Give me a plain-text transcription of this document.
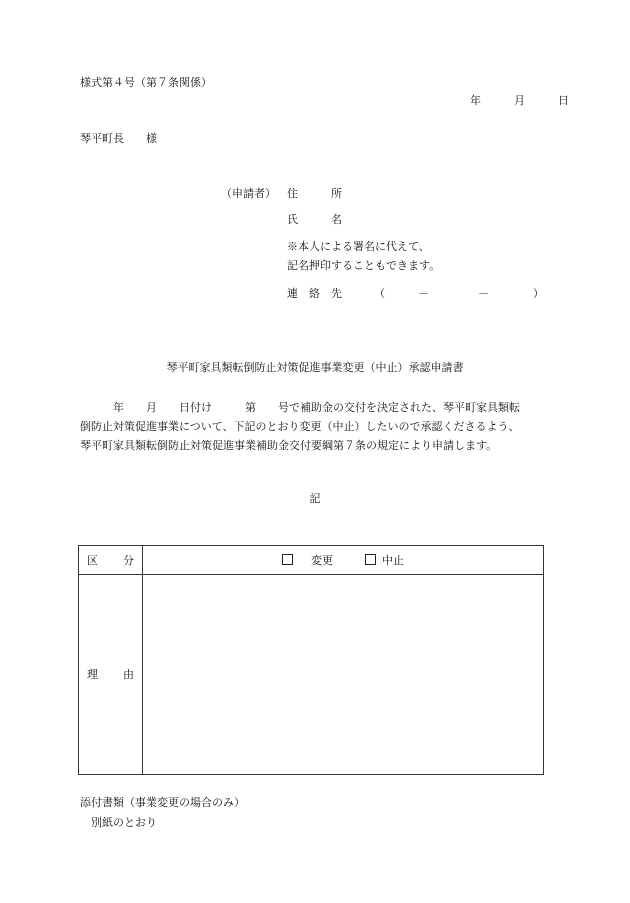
様式第４号（第７条関係）
年	月	日
琴平町長　　様
（申請者） 住　　　所
氏　　　名
※本人による署名に代えて、
記名押印することもできます。
連　絡　先	（	－	－	）
琴平町家具類転倒防止対策促進事業変更（中止）承認申請書
　　　年　　月　　日付け　　　第　　号で補助金の交付を決定された、琴平町家具類転
倒防止対策促進事業について、下記のとおり変更（中止）したいので承認くださるよう、
琴平町家具類転倒防止対策促進事業補助金交付要綱第７条の規定により申請します。
記
区 分	変更 中止

理 由	

添付書類（事業変更の場合のみ）
別紙のとおり
